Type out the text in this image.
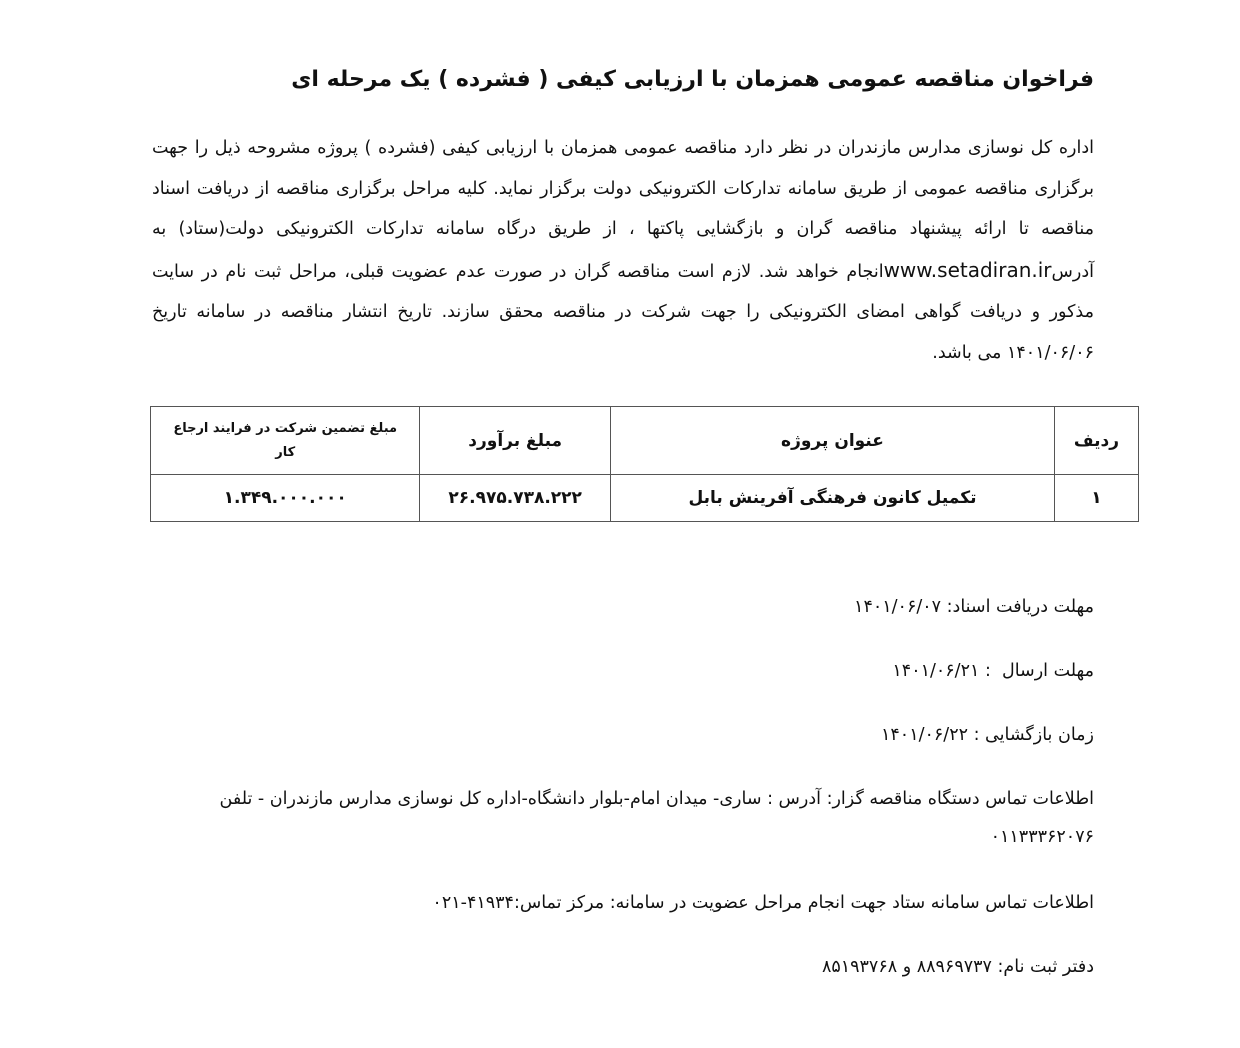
فراخوان مناقصه عمومی همزمان با ارزیابی کیفی ( فشرده ) یک مرحله ای

اداره کل نوسازی مدارس مازندران در نظر دارد مناقصه عمومی همزمان با ارزیابی کیفی (فشرده ) پروژه مشروحه ذیل را جهت برگزاری مناقصه عمومی از طریق سامانه تدارکات الکترونیکی دولت برگزار نماید. کلیه مراحل برگزاری مناقصه از دریافت اسناد مناقصه تا ارائه پیشنهاد مناقصه گران و بازگشایی پاکتها ، از طریق درگاه سامانه تدارکات الکترونیکی دولت(ستاد) به آدرسwww.setadiran.irانجام خواهد شد. لازم است مناقصه گران در صورت عدم عضویت قبلی، مراحل ثبت نام در سایت مذکور و دریافت گواهی امضای الکترونیکی را جهت شرکت در مناقصه محقق سازند. تاریخ انتشار مناقصه در سامانه تاریخ ۱۴۰۱/۰۶/۰۶ می باشد.

ردیف	عنوان پروژه	مبلغ برآورد	مبلغ تضمین شرکت در فرایند ارجاع کار
۱	تکمیل کانون فرهنگی آفرینش بابل	۲۶.۹۷۵.۷۳۸.۲۲۲	۱.۳۴۹.۰۰۰.۰۰۰

مهلت دریافت اسناد: ۱۴۰۱/۰۶/۰۷

مهلت ارسال  : ۱۴۰۱/۰۶/۲۱

زمان بازگشایی : ۱۴۰۱/۰۶/۲۲

اطلاعات تماس دستگاه مناقصه گزار: آدرس : ساری- میدان امام-بلوار دانشگاه-اداره کل نوسازی مدارس مازندران - تلفن
۰۱۱۳۳۳۶۲۰۷۶

اطلاعات تماس سامانه ستاد جهت انجام مراحل عضویت در سامانه: مرکز تماس:۴۱۹۳۴-۰۲۱

دفتر ثبت نام: ۸۸۹۶۹۷۳۷ و ۸۵۱۹۳۷۶۸
